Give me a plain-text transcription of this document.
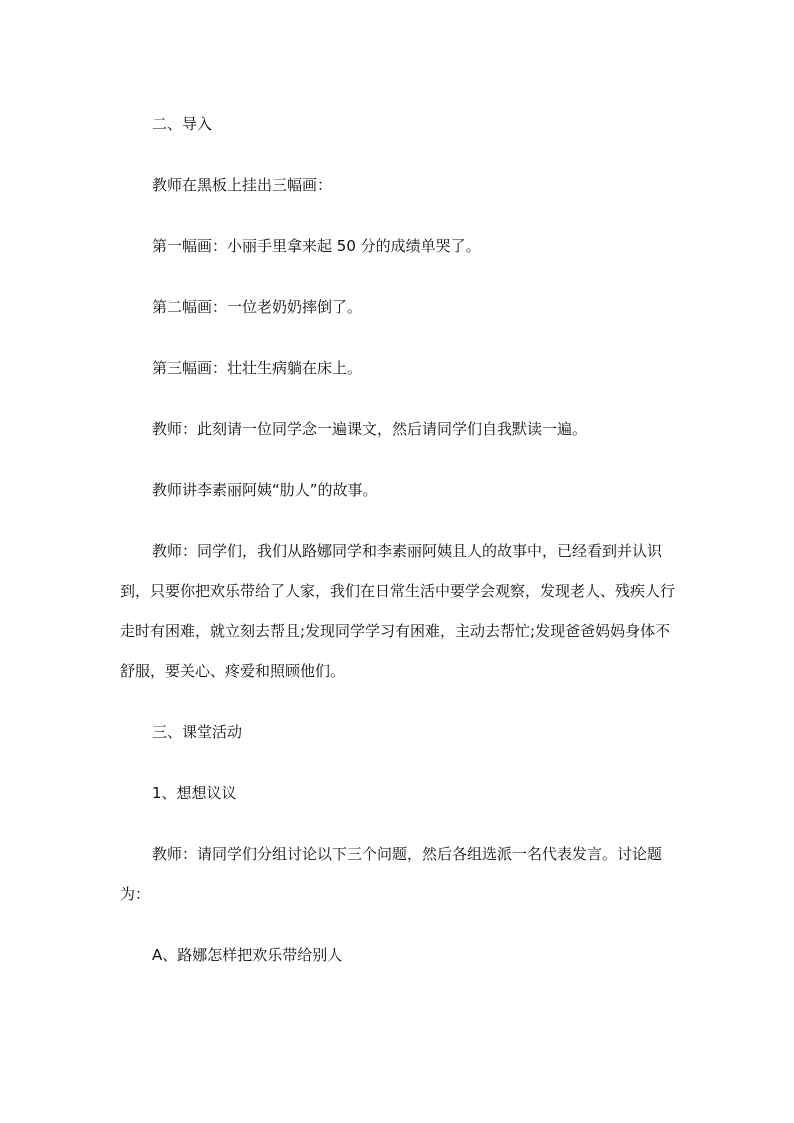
二、导入

教师在黑板上挂出三幅画：

第一幅画：小丽手里拿来起 50 分的成绩单哭了。

第二幅画：一位老奶奶摔倒了。

第三幅画：壮壮生病躺在床上。

教师：此刻请一位同学念一遍课文，然后请同学们自我默读一遍。

教师讲李素丽阿姨“肋人”的故事。

教师：同学们，我们从路娜同学和李素丽阿姨且人的故事中，已经看到并认识到，只要你把欢乐带给了人家，我们在日常生活中要学会观察，发现老人、残疾人行走时有困难，就立刻去帮且;发现同学学习有困难，主动去帮忙;发现爸爸妈妈身体不舒服，要关心、疼爱和照顾他们。

三、课堂活动

1、想想议议

教师：请同学们分组讨论以下三个问题，然后各组选派一名代表发言。讨论题为：

A、路娜怎样把欢乐带给别人
